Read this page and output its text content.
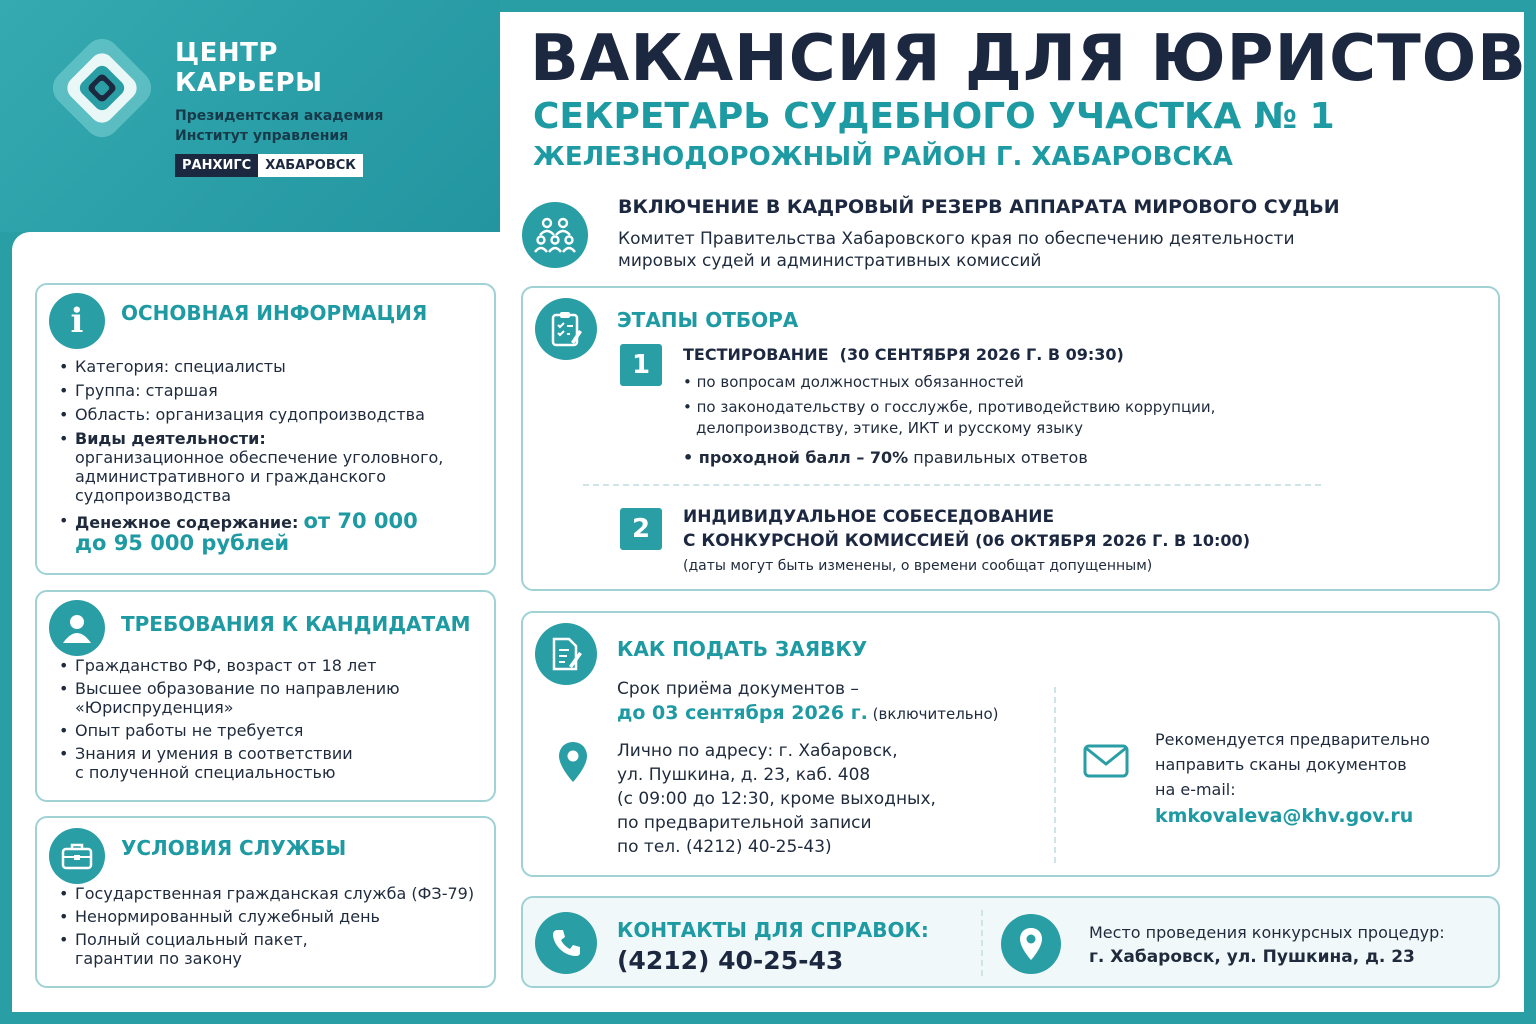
ЦЕНТР
КАРЬЕРЫ
Президентская академия
Институт управления
РАНХИГС	ХАБАРОВСК
ВАКАНСИЯ ДЛЯ ЮРИСТОВ
СЕКРЕТАРЬ СУДЕБНОГО УЧАСТКА № 1
ЖЕЛЕЗНОДОРОЖНЫЙ РАЙОН Г. ХАБАРОВСКА
ВКЛЮЧЕНИЕ В КАДРОВЫЙ РЕЗЕРВ АППАРАТА МИРОВОГО СУДЬИ
Комитет Правительства Хабаровского края по обеспечению деятельности
мировых судей и административных комиссий
i ОСНОВНАЯ ИНФОРМАЦИЯ
• Категория: специалисты
• Группа: старшая
• Область: организация судопроизводства
• Виды деятельности:
организационное обеспечение уголовного,
административного и гражданского
судопроизводства
• Денежное содержание: от 70 000
до 95 000 рублей
ТРЕБОВАНИЯ К КАНДИДАТАМ
• Гражданство РФ, возраст от 18 лет
• Высшее образование по направлению
«Юриспруденция»
• Опыт работы не требуется
• Знания и умения в соответствии
с полученной специальностью
УСЛОВИЯ СЛУЖБЫ
• Государственная гражданская служба (ФЗ-79)
• Ненормированный служебный день
• Полный социальный пакет,
гарантии по закону
ЭТАПЫ ОТБОРА
1	ТЕСТИРОВАНИЕ (30 СЕНТЯБРЯ 2026 Г. В 09:30)
• по вопросам должностных обязанностей
• по законодательству о госслужбе, противодействию коррупции,
делопроизводству, этике, ИКТ и русскому языку
• проходной балл – 70% правильных ответов
2	ИНДИВИДУАЛЬНОЕ СОБЕСЕДОВАНИЕ
С КОНКУРСНОЙ КОМИССИЕЙ (06 ОКТЯБРЯ 2026 Г. В 10:00)
(даты могут быть изменены, о времени сообщат допущенным)
КАК ПОДАТЬ ЗАЯВКУ
Срок приёма документов –
до 03 сентября 2026 г. (включительно)
Лично по адресу: г. Хабаровск,
ул. Пушкина, д. 23, каб. 408
(с 09:00 до 12:30, кроме выходных,
по предварительной записи
по тел. (4212) 40-25-43)
Рекомендуется предварительно
направить сканы документов
на e-mail:
kmkovaleva@khv.gov.ru
КОНТАКТЫ ДЛЯ СПРАВОК:
(4212) 40-25-43
Место проведения конкурсных процедур:
г. Хабаровск, ул. Пушкина, д. 23
